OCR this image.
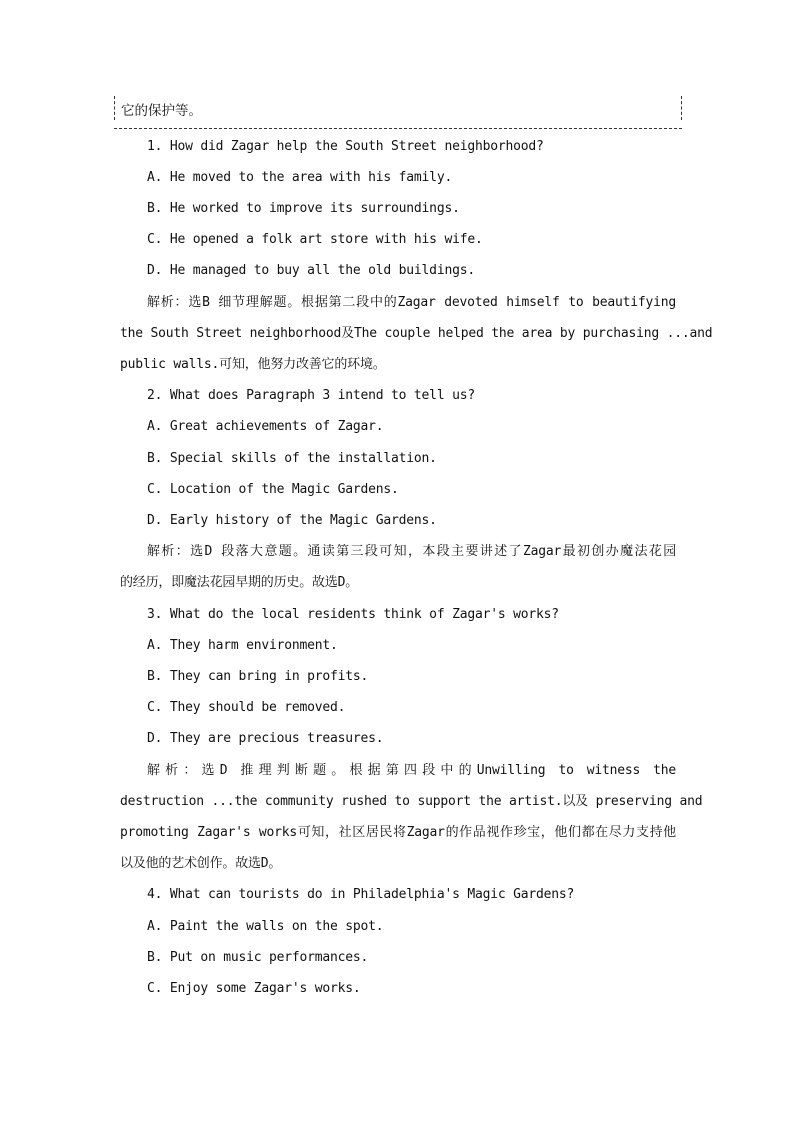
它的保护等。
1. How did Zagar help the South Street neighborhood?
A. He moved to the area with his family.
B. He worked to improve its surroundings.
C. He opened a folk art store with his wife.
D. He managed to buy all the old buildings.
解析：选B 细节理解题。根据第二段中的Zagar devoted himself to beautifying
the South Street neighborhood及The couple helped the area by purchasing ...and
public walls.可知，他努力改善它的环境。
2. What does Paragraph 3 intend to tell us?
A. Great achievements of Zagar.
B. Special skills of the installation.
C. Location of the Magic Gardens.
D. Early history of the Magic Gardens.
解析：选D 段落大意题。通读第三段可知，本段主要讲述了Zagar最初创办魔法花园
的经历，即魔法花园早期的历史。故选D。
3. What do the local residents think of Zagar's works?
A. They harm environment.
B. They can bring in profits.
C. They should be removed.
D. They are precious treasures.
解析：选D 推理判断题。根据第四段中的Unwilling to witness the
destruction ...the community rushed to support the artist.以及 preserving and
promoting Zagar's works可知，社区居民将Zagar的作品视作珍宝，他们都在尽力支持他
以及他的艺术创作。故选D。
4. What can tourists do in Philadelphia's Magic Gardens?
A. Paint the walls on the spot.
B. Put on music performances.
C. Enjoy some Zagar's works.
